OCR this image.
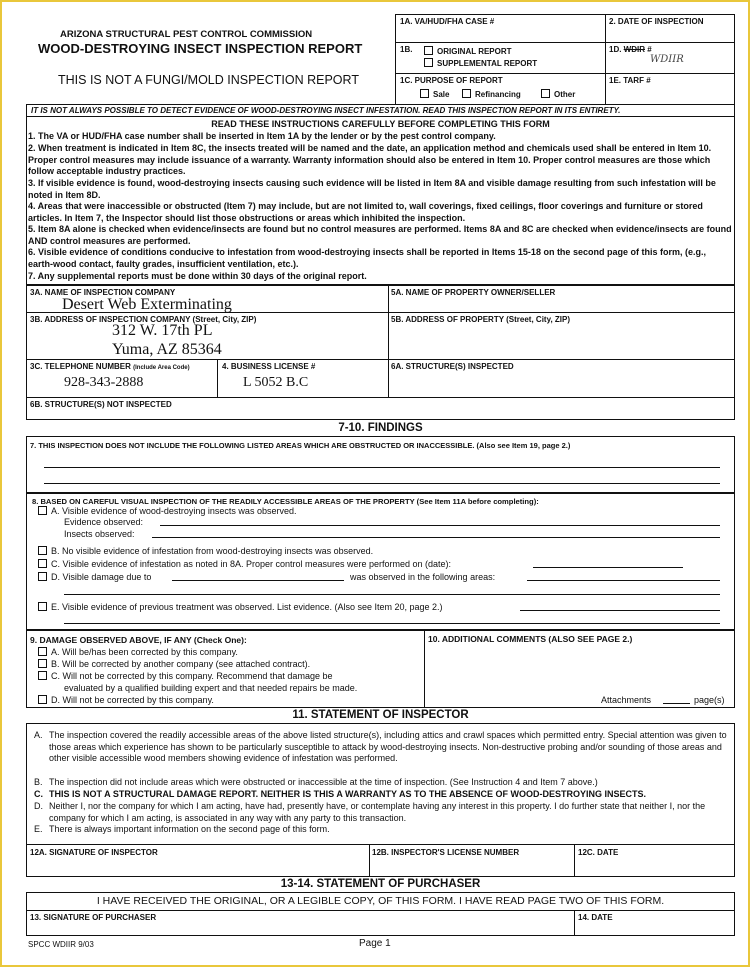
ARIZONA STRUCTURAL PEST CONTROL COMMISSION
WOOD-DESTROYING INSECT INSPECTION REPORT
THIS IS NOT A FUNGI/MOLD INSPECTION REPORT
1A. VA/HUD/FHA CASE #	2. DATE OF INSPECTION
1B.	ORIGINAL REPORT
SUPPLEMENTAL REPORT
1D. WDIR #
WDIIR
1C. PURPOSE OF REPORT
Sale	Refinancing	Other
1E. TARF #
IT IS NOT ALWAYS POSSIBLE TO DETECT EVIDENCE OF WOOD-DESTROYING INSECT INFESTATION. READ THIS INSPECTION REPORT IN ITS ENTIRETY.
READ THESE INSTRUCTIONS CAREFULLY BEFORE COMPLETING THIS FORM
1. The VA or HUD/FHA case number shall be inserted in Item 1A by the lender or by the pest control company.
2. When treatment is indicated in Item 8C, the insects treated will be named and the date, an application method and chemicals used shall be entered in Item 10. Proper control measures may include issuance of a warranty. Warranty information should also be entered in Item 10. Proper control measures are those which follow acceptable industry practices.
3. If visible evidence is found, wood-destroying insects causing such evidence will be listed in Item 8A and visible damage resulting from such infestation will be noted in Item 8D.
4. Areas that were inaccessible or obstructed (Item 7) may include, but are not limited to, wall coverings, fixed ceilings, floor coverings and furniture or stored articles. In Item 7, the Inspector should list those obstructions or areas which inhibited the inspection.
5. Item 8A alone is checked when evidence/insects are found but no control measures are performed. Items 8A and 8C are checked when evidence/insects are found AND control measures are performed.
6. Visible evidence of conditions conducive to infestation from wood-destroying insects shall be reported in Items 15-18 on the second page of this form, (e.g., earth-wood contact, faulty grades, insufficient ventilation, etc.).
7. Any supplemental reports must be done within 30 days of the original report.
3A. NAME OF INSPECTION COMPANY
Desert Web Exterminating
5A. NAME OF PROPERTY OWNER/SELLER
3B. ADDRESS OF INSPECTION COMPANY (Street, City, ZIP)
312 W. 17th PL
Yuma, AZ 85364
5B. ADDRESS OF PROPERTY (Street, City, ZIP)
3C. TELEPHONE NUMBER (Include Area Code)
928-343-2888
4. BUSINESS LICENSE #
L 5052 B.C
6A. STRUCTURE(S) INSPECTED
6B. STRUCTURE(S) NOT INSPECTED
7-10. FINDINGS
7. THIS INSPECTION DOES NOT INCLUDE THE FOLLOWING LISTED AREAS WHICH ARE OBSTRUCTED OR INACCESSIBLE. (Also see Item 19, page 2.)
8. BASED ON CAREFUL VISUAL INSPECTION OF THE READILY ACCESSIBLE AREAS OF THE PROPERTY (See Item 11A before completing):
A. Visible evidence of wood-destroying insects was observed.
Evidence observed:
Insects observed:
B. No visible evidence of infestation from wood-destroying insects was observed.
C. Visible evidence of infestation as noted in 8A. Proper control measures were performed on (date):
D. Visible damage due to	was observed in the following areas:
E. Visible evidence of previous treatment was observed. List evidence. (Also see Item 20, page 2.)
9. DAMAGE OBSERVED ABOVE, IF ANY (Check One):
A. Will be/has been corrected by this company.
B. Will be corrected by another company (see attached contract).
C. Will not be corrected by this company. Recommend that damage be
evaluated by a qualified building expert and that needed repairs be made.
D. Will not be corrected by this company.
10. ADDITIONAL COMMENTS (ALSO SEE PAGE 2.)
Attachments	page(s)
11. STATEMENT OF INSPECTOR
A. The inspection covered the readily accessible areas of the above listed structure(s), including attics and crawl spaces which permitted entry. Special attention was given to those areas which experience has shown to be particularly susceptible to attack by wood-destroying insects. Non-destructive probing and/or sounding of those areas and other visible accessible wood members showing evidence of infestation was performed.
B. The inspection did not include areas which were obstructed or inaccessible at the time of inspection. (See Instruction 4 and Item 7 above.)
C. THIS IS NOT A STRUCTURAL DAMAGE REPORT. NEITHER IS THIS A WARRANTY AS TO THE ABSENCE OF WOOD-DESTROYING INSECTS.
D. Neither I, nor the company for which I am acting, have had, presently have, or contemplate having any interest in this property. I do further state that neither I, nor the company for which I am acting, is associated in any way with any party to this transaction.
E. There is always important information on the second page of this form.
12A. SIGNATURE OF INSPECTOR	12B. INSPECTOR'S LICENSE NUMBER	12C. DATE
13-14. STATEMENT OF PURCHASER
I HAVE RECEIVED THE ORIGINAL, OR A LEGIBLE COPY, OF THIS FORM. I HAVE READ PAGE TWO OF THIS FORM.
13. SIGNATURE OF PURCHASER	14. DATE
SPCC WDIIR 9/03	Page 1
